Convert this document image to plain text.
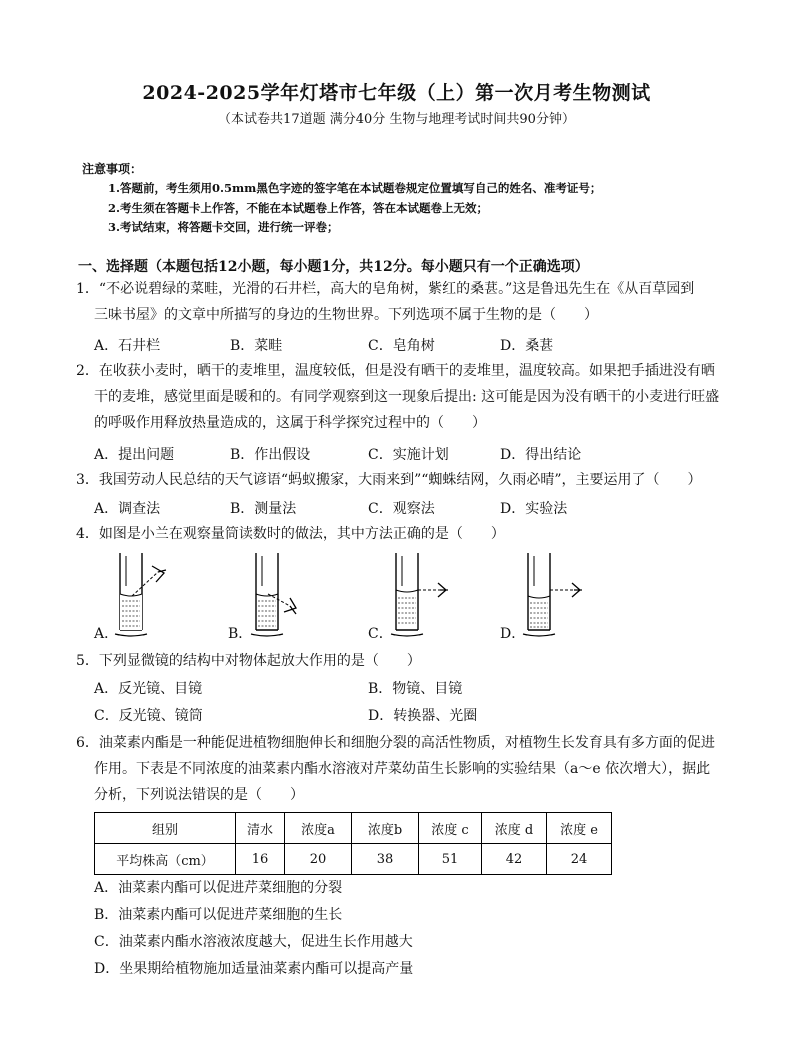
2024-2025学年灯塔市七年级（上）第一次月考生物测试
（本试卷共17道题 满分40分 生物与地理考试时间共90分钟）
注意事项：
1.答题前，考生须用0.5mm黑色字迹的签字笔在本试题卷规定位置填写自己的姓名、准考证号；
2.考生须在答题卡上作答，不能在本试题卷上作答，答在本试题卷上无效；
3.考试结束，将答题卡交回，进行统一评卷；
一、选择题（本题包括12小题，每小题1分，共12分。每小题只有一个正确选项）
1．“不必说碧绿的菜畦，光滑的石井栏，高大的皂角树，紫红的桑葚。”这是鲁迅先生在《从百草园到
三味书屋》的文章中所描写的身边的生物世界。下列选项不属于生物的是（　　）
A．石井栏	B．菜畦	C．皂角树	D．桑葚
2．在收获小麦时，晒干的麦堆里，温度较低，但是没有晒干的麦堆里，温度较高。如果把手插进没有晒
干的麦堆，感觉里面是暖和的。有同学观察到这一现象后提出: 这可能是因为没有晒干的小麦进行旺盛
的呼吸作用释放热量造成的，这属于科学探究过程中的（　　）
A．提出问题	B．作出假设	C．实施计划	D．得出结论
3．我国劳动人民总结的天气谚语“蚂蚁搬家，大雨来到”“蜘蛛结网，久雨必晴”，主要运用了（　　）
A．调查法	B．测量法	C．观察法	D．实验法
4．如图是小兰在观察量筒读数时的做法，其中方法正确的是（　　）
A．	B．	C．	D．
5．下列显微镜的结构中对物体起放大作用的是（　　）
A．反光镜、目镜	B．物镜、目镜
C．反光镜、镜筒	D．转换器、光圈
6．油菜素内酯是一种能促进植物细胞伸长和细胞分裂的高活性物质，对植物生长发育具有多方面的促进
作用。下表是不同浓度的油菜素内酯水溶液对芹菜幼苗生长影响的实验结果（a～e 依次增大），据此
分析，下列说法错误的是（　　）
组别	清水	浓度a	浓度b	浓度 c	浓度 d	浓度 e
平均株高（cm）	16	20	38	51	42	24
A．油菜素内酯可以促进芹菜细胞的分裂
B．油菜素内酯可以促进芹菜细胞的生长
C．油菜素内酯水溶液浓度越大，促进生长作用越大
D．坐果期给植物施加适量油菜素内酯可以提高产量
